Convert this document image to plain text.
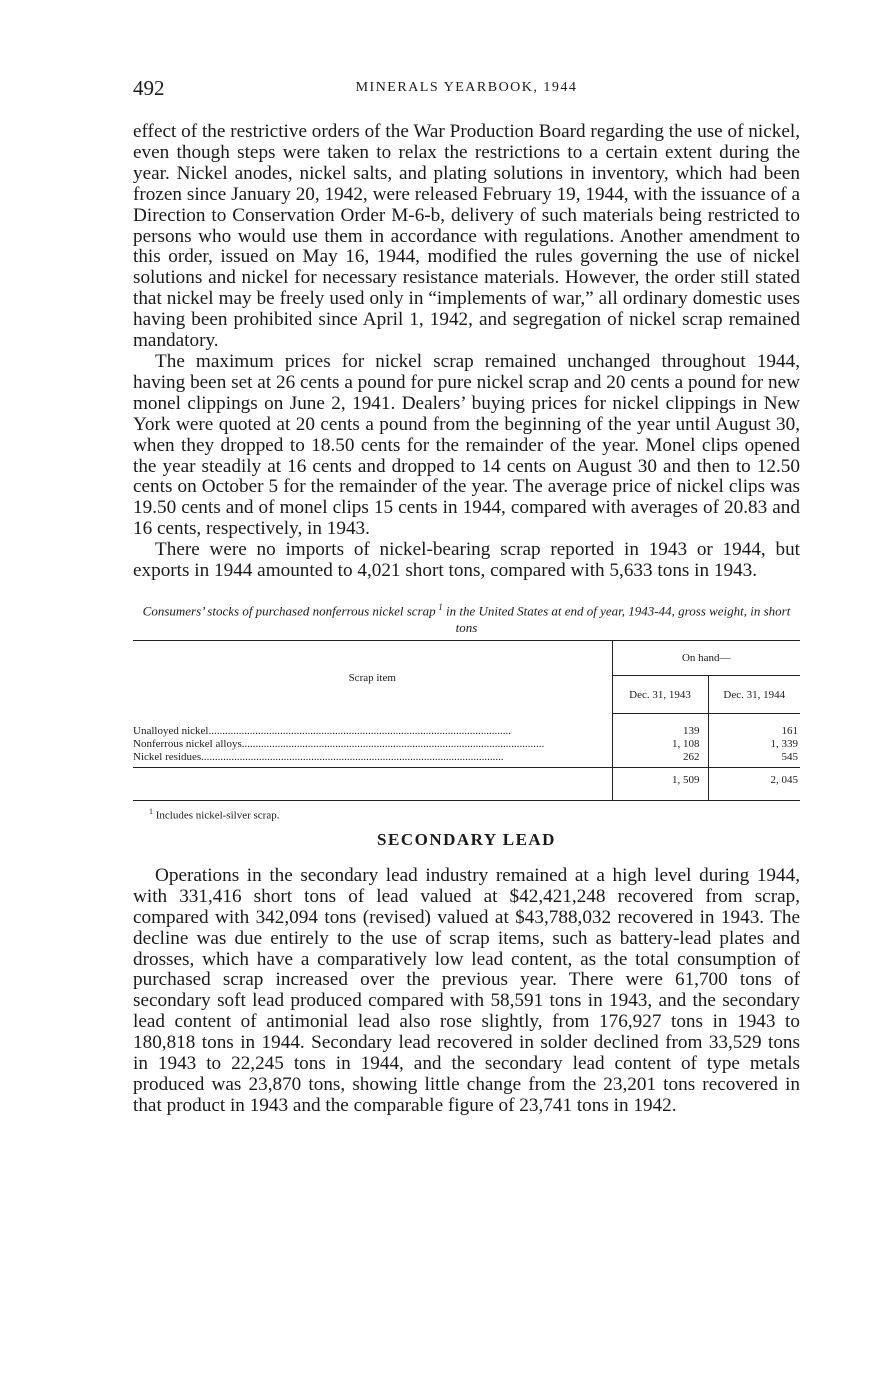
492	MINERALS YEARBOOK, 1944

effect of the restrictive orders of the War Production Board regarding the use of nickel, even though steps were taken to relax the restrictions to a certain extent during the year. Nickel anodes, nickel salts, and plating solutions in inventory, which had been frozen since January 20, 1942, were released February 19, 1944, with the issuance of a Direction to Conservation Order M-6-b, delivery of such materials being restricted to persons who would use them in accordance with regulations. Another amendment to this order, issued on May 16, 1944, modified the rules governing the use of nickel solutions and nickel for necessary resistance materials. However, the order still stated that nickel may be freely used only in “implements of war,” all ordinary domestic uses having been prohibited since April 1, 1942, and segregation of nickel scrap remained mandatory.

The maximum prices for nickel scrap remained unchanged throughout 1944, having been set at 26 cents a pound for pure nickel scrap and 20 cents a pound for new monel clippings on June 2, 1941. Dealers’ buying prices for nickel clippings in New York were quoted at 20 cents a pound from the beginning of the year until August 30, when they dropped to 18.50 cents for the remainder of the year. Monel clips opened the year steadily at 16 cents and dropped to 14 cents on August 30 and then to 12.50 cents on October 5 for the remainder of the year. The average price of nickel clips was 19.50 cents and of monel clips 15 cents in 1944, compared with averages of 20.83 and 16 cents, respectively, in 1943.

There were no imports of nickel-bearing scrap reported in 1943 or 1944, but exports in 1944 amounted to 4,021 short tons, compared with 5,633 tons in 1943.

Consumers’ stocks of purchased nonferrous nickel scrap  $^1$ in the United States at end of year, 1943-44, gross weight, in short tons
Scrap item	On hand—	
	Dec. 31, 1943	Dec. 31, 1944
Unalloyed nickel..............................................................................................................	139	161
Nonferrous nickel alloys..............................................................................................................	1, 108	1, 339
Nickel residues..............................................................................................................	262	545
	1, 509	2, 045

$^1$ Includes nickel-silver scrap.
SECONDARY LEAD

Operations in the secondary lead industry remained at a high level during 1944, with 331,416 short tons of lead valued at $42,421,248 recovered from scrap, compared with 342,094 tons (revised) valued at $43,788,032 recovered in 1943. The decline was due entirely to the use of scrap items, such as battery-lead plates and drosses, which have a comparatively low lead content, as the total consumption of purchased scrap increased over the previous year. There were 61,700 tons of secondary soft lead produced compared with 58,591 tons in 1943, and the secondary lead content of antimonial lead also rose slightly, from 176,927 tons in 1943 to 180,818 tons in 1944. Secondary lead recovered in solder declined from 33,529 tons in 1943 to 22,245 tons in 1944, and the secondary lead content of type metals produced was 23,870 tons, showing little change from the 23,201 tons recovered in that product in 1943 and the comparable figure of 23,741 tons in 1942.
